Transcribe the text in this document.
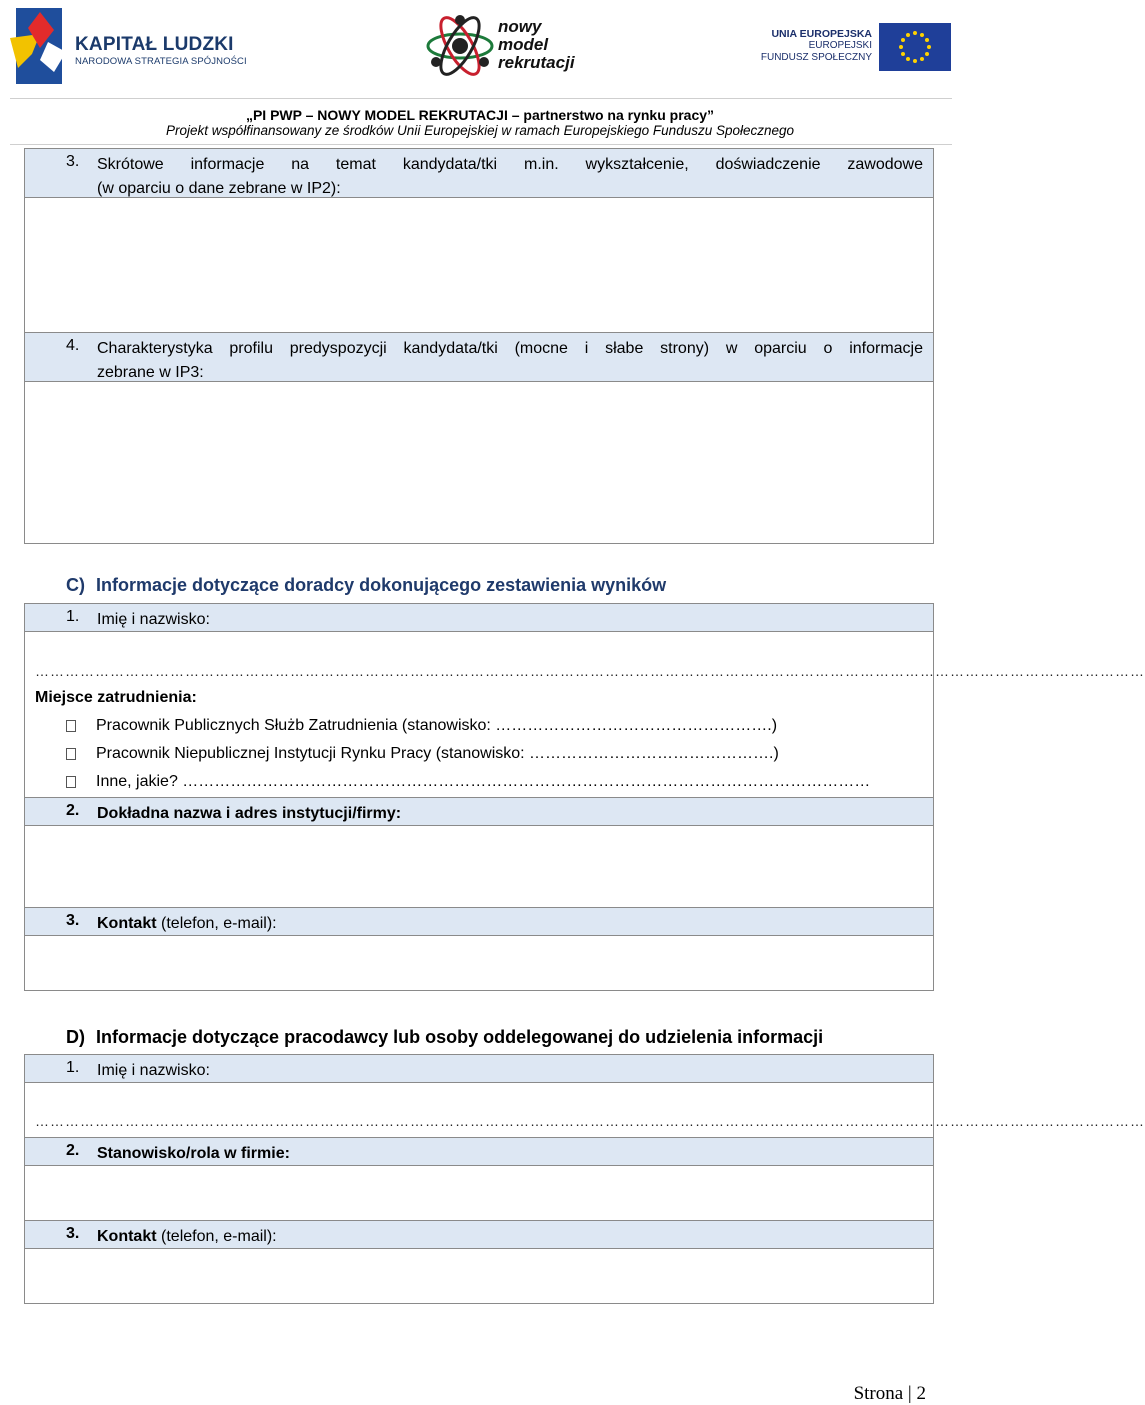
KAPITAŁ LUDZKI
NARODOWA STRATEGIA SPÓJNOŚCI
nowy
model
rekrutacji
UNIA EUROPEJSKA
EUROPEJSKI
FUNDUSZ SPOŁECZNY
„PI PWP – NOWY MODEL REKRUTACJI – partnerstwo na rynku pracy”
Projekt współfinansowany ze środków Unii Europejskiej w ramach Europejskiego Funduszu Społecznego
3. Skrótowe informacje na temat kandydata/tki m.in. wykształcenie, doświadczenie zawodowe
(w oparciu o dane zebrane w IP2):
4. Charakterystyka profilu predyspozycji kandydata/tki (mocne i słabe strony) w oparciu o informacje
zebrane w IP3:
C) Informacje dotyczące doradcy dokonującego zestawienia wyników
1. Imię i nazwisko:
……………………………………………………………………………………………………………………………………………………………………………………………………
Miejsce zatrudnienia:
Pracownik Publicznych Służb Zatrudnienia (stanowisko: …………………………………………….)
Pracownik Niepublicznej Instytucji Rynku Pracy (stanowisko: ……………………………………….)
Inne, jakie? …………………………………………………………………………………………………………………
2. Dokładna nazwa i adres instytucji/firmy:
3. Kontakt (telefon, e-mail):
D) Informacje dotyczące pracodawcy lub osoby oddelegowanej do udzielenia informacji
1. Imię i nazwisko:
……………………………………………………………………………………………………………………………………………………………………………………………………
2. Stanowisko/rola w firmie:
3. Kontakt (telefon, e-mail):
Strona | 2
